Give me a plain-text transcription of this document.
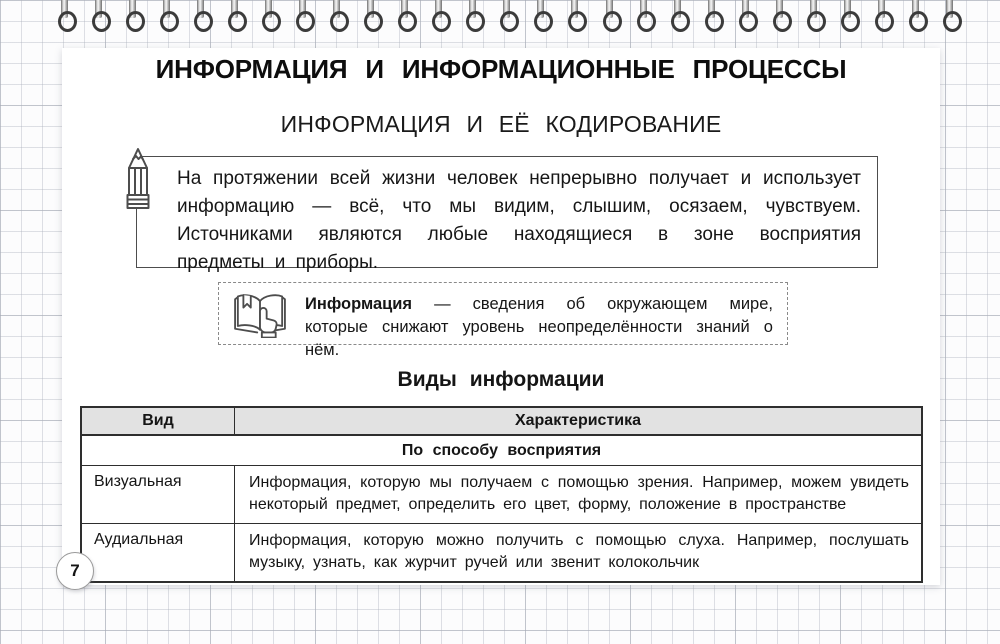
ИНФОРМАЦИЯ И ИНФОРМАЦИОННЫЕ ПРОЦЕССЫ
ИНФОРМАЦИЯ И ЕЁ КОДИРОВАНИЕ
На протяжении всей жизни человек непрерывно получает и использует информацию — всё, что мы видим, слышим, осязаем, чувствуем. Источниками являются любые находящиеся в зоне восприятия предметы и приборы.
Информация — сведения об окружающем мире, которые снижают уровень неопределённости знаний о нём.
Виды информации
Вид	Характеристика
По способу восприятия
Визуальная	Информация, которую мы получаем с помощью зрения. Например, можем увидеть некоторый предмет, определить его цвет, форму, положение в пространстве
Аудиальная	Информация, которую можно получить с помощью слуха. Например, послушать музыку, узнать, как журчит ручей или звенит колокольчик
7
